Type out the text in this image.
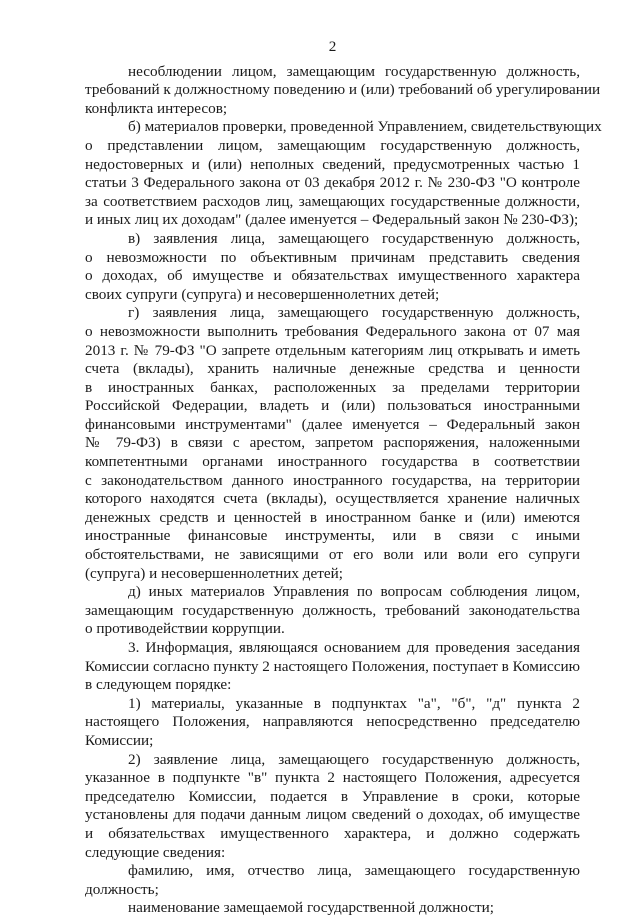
2
несоблюдении лицом, замещающим государственную должность,
требований к должностному поведению и (или) требований об урегулировании
конфликта интересов;
б) материалов проверки, проведенной Управлением, свидетельствующих
о представлении лицом, замещающим государственную должность,
недостоверных и (или) неполных сведений, предусмотренных частью 1
статьи 3 Федерального закона от 03 декабря 2012 г. № 230-ФЗ "О контроле
за соответствием расходов лиц, замещающих государственные должности,
и иных лиц их доходам" (далее именуется – Федеральный закон № 230-ФЗ);
в) заявления лица, замещающего государственную должность,
о невозможности по объективным причинам представить сведения
о доходах, об имуществе и обязательствах имущественного характера
своих супруги (супруга) и несовершеннолетних детей;
г) заявления лица, замещающего государственную должность,
о невозможности выполнить требования Федерального закона от 07 мая
2013 г. № 79-ФЗ "О запрете отдельным категориям лиц открывать и иметь
счета (вклады), хранить наличные денежные средства и ценности
в иностранных банках, расположенных за пределами территории
Российской Федерации, владеть и (или) пользоваться иностранными
финансовыми инструментами" (далее именуется – Федеральный закон
№ 79-ФЗ) в связи с арестом, запретом распоряжения, наложенными
компетентными органами иностранного государства в соответствии
с законодательством данного иностранного государства, на территории
которого находятся счета (вклады), осуществляется хранение наличных
денежных средств и ценностей в иностранном банке и (или) имеются
иностранные финансовые инструменты, или в связи с иными
обстоятельствами, не зависящими от его воли или воли его супруги
(супруга) и несовершеннолетних детей;
д) иных материалов Управления по вопросам соблюдения лицом,
замещающим государственную должность, требований законодательства
о противодействии коррупции.
3. Информация, являющаяся основанием для проведения заседания
Комиссии согласно пункту 2 настоящего Положения, поступает в Комиссию
в следующем порядке:
1) материалы, указанные в подпунктах "а", "б", "д" пункта 2
настоящего Положения, направляются непосредственно председателю
Комиссии;
2) заявление лица, замещающего государственную должность,
указанное в подпункте "в" пункта 2 настоящего Положения, адресуется
председателю Комиссии, подается в Управление в сроки, которые
установлены для подачи данным лицом сведений о доходах, об имуществе
и обязательствах имущественного характера, и должно содержать
следующие сведения:
фамилию, имя, отчество лица, замещающего государственную
должность;
наименование замещаемой государственной должности;
